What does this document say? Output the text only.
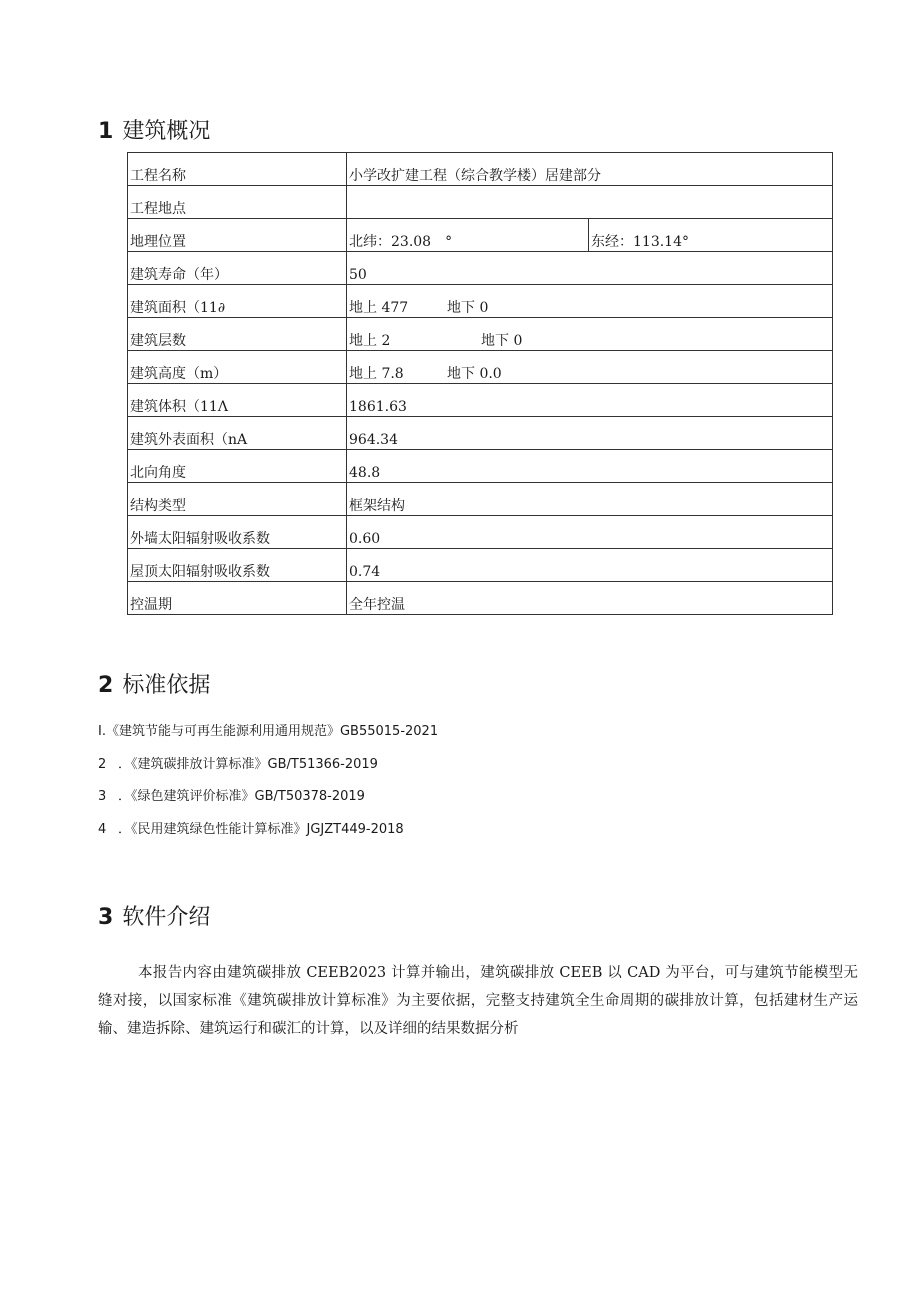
1 建筑概况
工程名称	小学改扩建工程（综合教学楼）居建部分	
工程地点		
地理位置	北纬：23.08　°	东经：113.14°
建筑寿命（年）	50	
建筑面积（11∂	地上 477 地下 0	
建筑层数	地上 2 地下 0	
建筑高度（m）	地上 7.8 地下 0.0	
建筑体积（11Λ	1861.63	
建筑外表面积（nA	964.34	
北向角度	48.8	
结构类型	框架结构	
外墙太阳辐射吸收系数	0.60	
屋顶太阳辐射吸收系数	0.74	
控温期	全年控温	
2 标准依据
I.《建筑节能与可再生能源利用通用规范》GB55015-2021
2 ．《建筑碳排放计算标准》GB/T51366-2019
3 ．《绿色建筑评价标准》GB/T50378-2019
4 ．《民用建筑绿色性能计算标准》JGJZT449-2018
3 软件介绍

本报告内容由建筑碳排放 CEEB2023 计算并输出，建筑碳排放 CEEB 以 CAD 为平台，可与建筑节能模型无缝对接，以国家标准《建筑碳排放计算标准》为主要依据，完整支持建筑全生命周期的碳排放计算，包括建材生产运输、建造拆除、建筑运行和碳汇的计算，以及详细的结果数据分析
